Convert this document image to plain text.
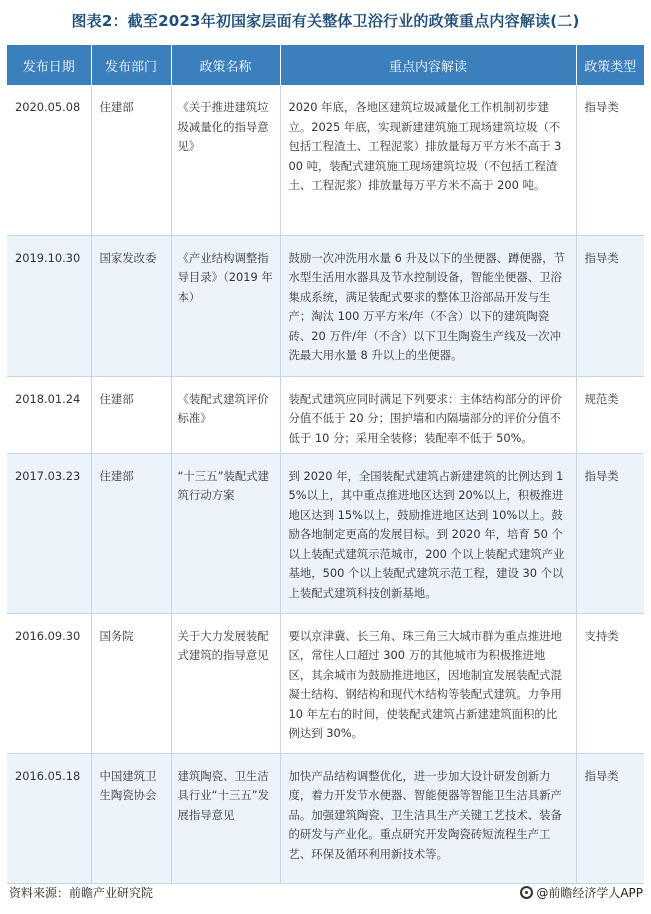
图表2：截至2023年初国家层面有关整体卫浴行业的政策重点内容解读(二)
发布日期	发布部门	政策名称	重点内容解读	政策类型
2020.05.08	住建部	《关于推进建筑垃圾减量化的指导意见》	2020 年底，各地区建筑垃圾减量化工作机制初步建立。2025 年底，实现新建建筑施工现场建筑垃圾（不包括工程渣土、工程泥浆）排放量每万平方米不高于 300 吨，装配式建筑施工现场建筑垃圾（不包括工程渣土、工程泥浆）排放量每万平方米不高于 200 吨。	指导类
2019.10.30	国家发改委	《产业结构调整指导目录》（2019 年本）	鼓励一次冲洗用水量 6 升及以下的坐便器、蹲便器，节水型生活用水器具及节水控制设备，智能坐便器、卫浴集成系统，满足装配式要求的整体卫浴部品开发与生产；淘汰 100 万平方米/年（不含）以下的建筑陶瓷砖、20 万件/年（不含）以下卫生陶瓷生产线及一次冲洗最大用水量 8 升以上的坐便器。	指导类
2018.01.24	住建部	《装配式建筑评价标准》	装配式建筑应同时满足下列要求：主体结构部分的评价分值不低于 20 分；围护墙和内隔墙部分的评价分值不低于 10 分；采用全装修；装配率不低于 50%。	规范类
2017.03.23	住建部	“十三五”装配式建筑行动方案	到 2020 年，全国装配式建筑占新建建筑的比例达到 15%以上，其中重点推进地区达到 20%以上，积极推进地区达到 15%以上，鼓励推进地区达到 10%以上。鼓励各地制定更高的发展目标。到 2020 年，培育 50 个以上装配式建筑示范城市，200 个以上装配式建筑产业基地，500 个以上装配式建筑示范工程，建设 30 个以上装配式建筑科技创新基地。	指导类
2016.09.30	国务院	关于大力发展装配式建筑的指导意见	要以京津冀、长三角、珠三角三大城市群为重点推进地区，常住人口超过 300 万的其他城市为积极推进地区，其余城市为鼓励推进地区，因地制宜发展装配式混凝土结构、钢结构和现代木结构等装配式建筑。力争用 10 年左右的时间，使装配式建筑占新建建筑面积的比例达到 30%。	支持类
2016.05.18	中国建筑卫生陶瓷协会	建筑陶瓷、卫生洁具行业“十三五”发展指导意见	加快产品结构调整优化，进一步加大设计研发创新力度，着力开发节水便器、智能便器等智能卫生洁具新产品。加强建筑陶瓷、卫生洁具生产关键工艺技术、装备的研发与产业化。重点研究开发陶瓷砖短流程生产工艺、环保及循环利用新技术等。	指导类
资料来源：前瞻产业研究院	@前瞻经济学人APP
